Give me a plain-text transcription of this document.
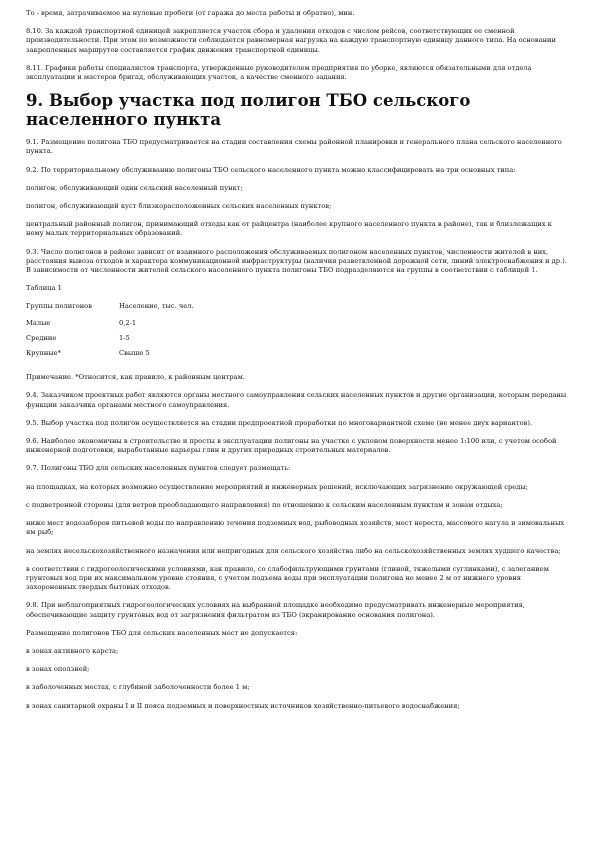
То - время, затрачиваемое на нулевые пробеги (от гаража до места работы и обратно), мин.

8.10. За каждой транспортной единицей закрепляется участок сбора и удаления отходов с числом рейсов, соответствующих ее сменной производительности. При этом по возможности соблюдается равномерная нагрузка на каждую транспортную единицу данного типа. На основании закрепленных маршрутов составляется график движения транспортной единицы.

8.11. Графики работы специалистов транспорта, утвержденные руководителем предприятия по уборке, являются обязательными для отдела эксплуатации и мастеров бригад, обслуживающих участок, а качестве сменного задания.

9. Выбор участка под полигон ТБО сельского населенного пункта

9.1. Размещение полигона ТБО предусматривается на стадии составления схемы районной планировки и генерального плана сельского населенного пункта.

9.2. По территориальному обслуживанию полигоны ТБО сельского населенного пункта можно классифицировать на три основных типа:

полигон, обслуживающий один сельский населенный пункт;

полигон, обслуживающий куст близкорасположенных сельских населенных пунктов;

центральный районный полигон, принимающий отходы как от райцентра (наиболее крупного населенного пункта в районе), так и близлежащих к нему малых территориальных образований.

9.3. Число полигонов в районе зависит от взаимного расположения обслуживаемых полигоном населенных пунктов, численности жителей в них, расстояния вывоза отходов и характера коммуникационной инфраструктуры (наличия разветвленной дорожной сети, линий электроснабжения и др.). В зависимости от численности жителей сельского населенного пункта полигоны ТБО подразделяются на группы в соответствии с таблицей 1.

Таблица 1

Группы полигонов	Население, тыс. чел.
Малые	0,2-1
Средние	1-5
Крупные*	Свыше 5

Примечание. *Относится, как правило, к районным центрам.

9.4. Заказчиком проектных работ являются органы местного самоуправления сельских населенных пунктов и другие организации, которым переданы функции заказчика органами местного самоуправления.

9.5. Выбор участка под полигон осуществляется на стадии предпроектной проработки по многовариантной схеме (не менее двух вариантов).

9.6. Наиболее экономичны в строительстве и просты в эксплуатации полигоны на участке с уклоном поверхности менее 1:100 или, с учетом особой инженерной подготовки, выработанные карьеры глин и других природных строительных материалов.

9.7. Полигоны ТБО для сельских населенных пунктов следует размещать:

на площадках, на которых возможно осуществление мероприятий и инженерных решений, исключающих загрязнение окружающей среды;

с подветренной стороны (для ветров преобладающего направления) по отношению к сельским населенным пунктам и зонам отдыха;

ниже мест водозаборов питьевой воды по направлению течения подземных вод, рыбоводных хозяйств, мест нереста, массового нагула и зимовальных ям рыб;

на землях несельскохозяйственного назначения или непригодных для сельского хозяйства либо на сельскохозяйственных землях худшего качества;

в соответствии с гидрогеологическими условиями, как правило, со слабофильтрующими грунтами (глиной, тяжелыми суглинками), с залеганием грунтовых вод при их максимальном уровне стояния, с учетом подъема воды при эксплуатации полигона не менее 2 м от нижнего уровня захороненных твердых бытовых отходов.

9.8. При неблагоприятных гидрогеологических условиях на выбранной площадке необходимо предусматривать инженерные мероприятия, обеспечивающие защиту грунтовых вод от загрязнения фильтратом из ТБО (экранирование основания полигона).

Размещение полигонов ТБО для сельских населенных мест не допускается:

в зонах активного карста;

в зонах оползней;

в заболоченных местах, с глубиной заболоченности более 1 м;

в зонах санитарной охраны I и II пояса подземных и поверхностных источников хозяйственно-питьевого водоснабжения;
